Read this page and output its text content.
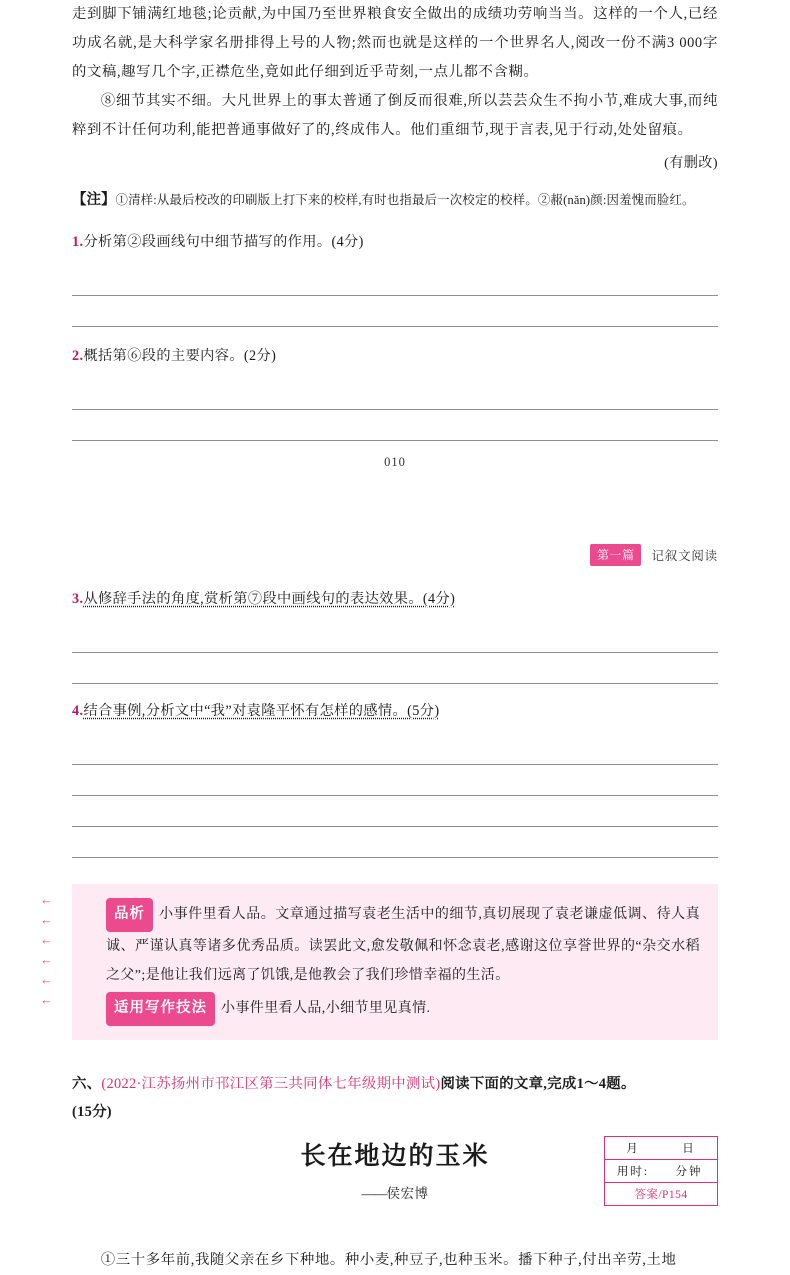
走到脚下铺满红地毯;论贡献,为中国乃至世界粮食安全做出的成绩功劳响当当。这样的一个人,已经功成名就,是大科学家名册排得上号的人物;然而也就是这样的一个世界名人,阅改一份不满3 000字的文稿,趣写几个字,正襟危坐,竟如此仔细到近乎苛刻,一点儿都不含糊。

⑧细节其实不细。大凡世界上的事太普通了倒反而很难,所以芸芸众生不拘小节,难成大事,而纯粹到不计任何功利,能把普通事做好了的,终成伟人。他们重细节,现于言表,见于行动,处处留痕。

(有删改)
【注】 ①清样:从最后校改的印刷版上打下来的校样,有时也指最后一次校定的校样。②赧(nǎn)颜:因羞愧而脸红。
1.分析第②段画线句中细节描写的作用。(4分)
2.概括第⑥段的主要内容。(2分)
010
第一篇	记叙文阅读
3.从修辞手法的角度,赏析第⑦段中画线句的表达效果。(4分)
4.结合事例,分析文中“我”对袁隆平怀有怎样的感情。(5分)
←
←
←
←
←
←
品析 小事件里看人品。文章通过描写袁老生活中的细节,真切展现了袁老谦虚低调、待人真诚、严谨认真等诸多优秀品质。读罢此文,愈发敬佩和怀念袁老,感谢这位享誉世界的“杂交水稻之父”;是他让我们远离了饥饿,是他教会了我们珍惜幸福的生活。
适用写作技法 小事件里看人品,小细节里见真情.
六、(2022·江苏扬州市邗江区第三共同体七年级期中测试)阅读下面的文章,完成1～4题。
(15分)
长在地边的玉米
——侯宏博
月	日
用时:	分钟
答案/P154
①三十多年前,我随父亲在乡下种地。种小麦,种豆子,也种玉米。播下种子,付出辛劳,土地
